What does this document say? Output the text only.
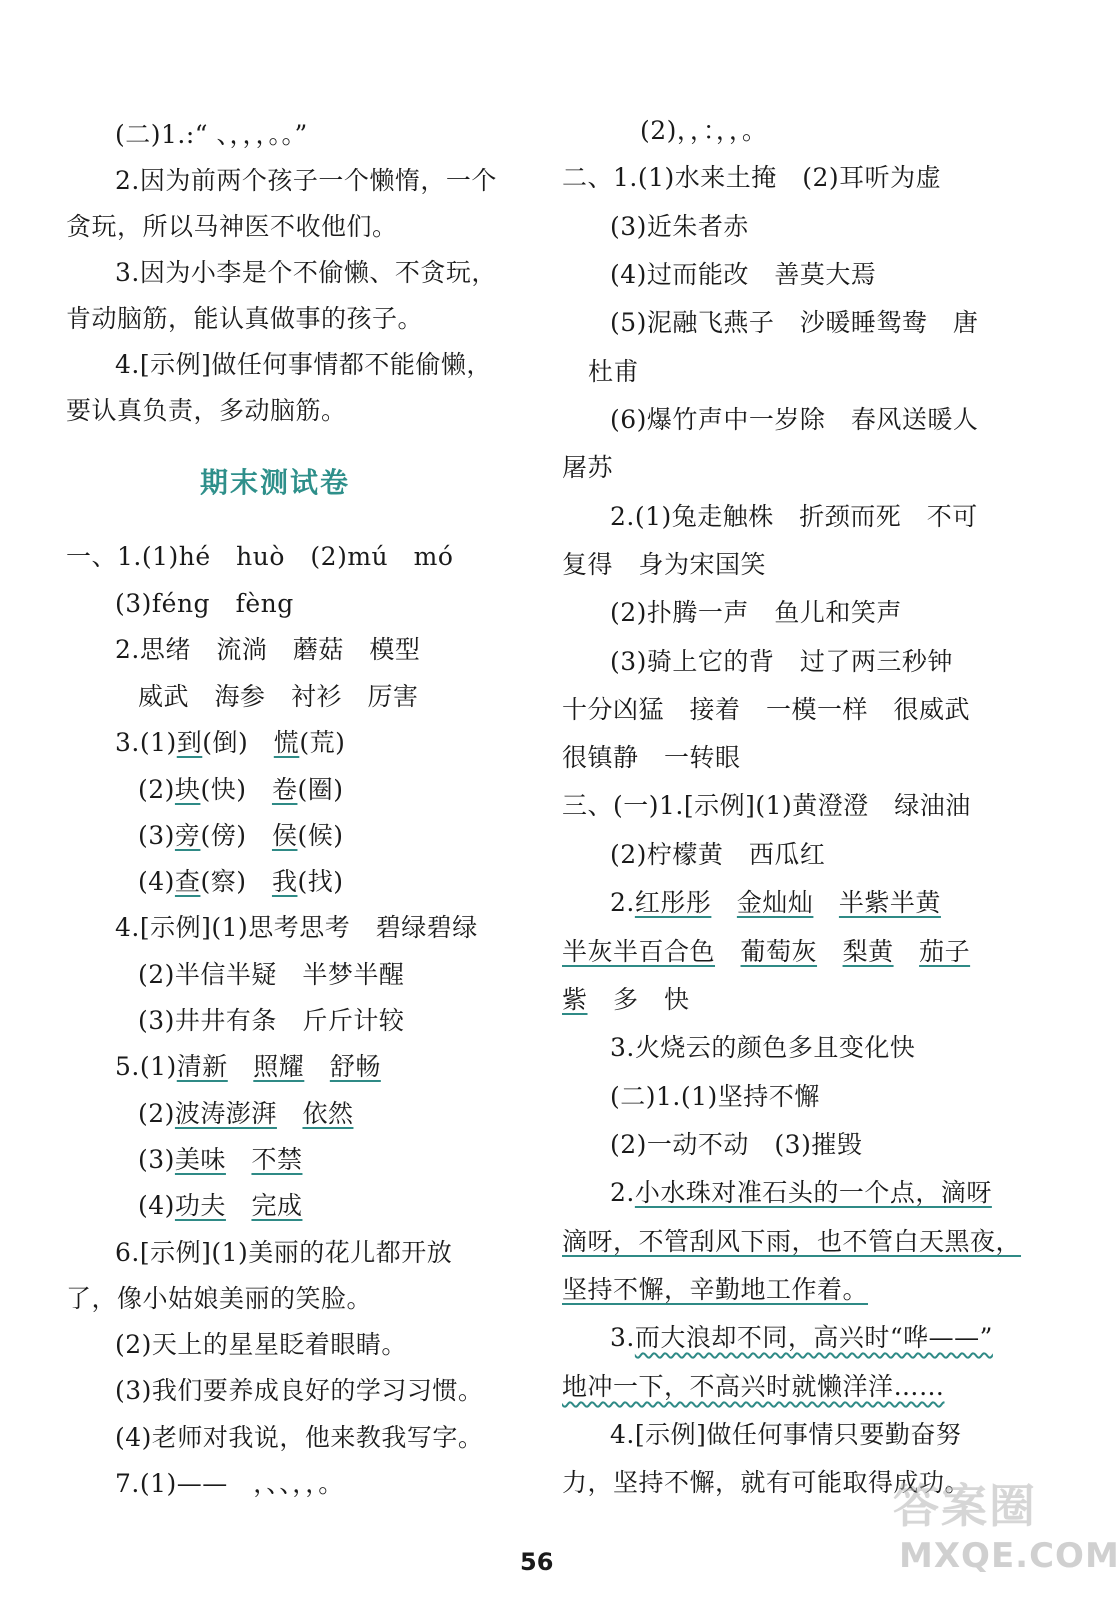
(二)1.:“ 、，，，。。”
2.因为前两个孩子一个懒惰，一个
贪玩，所以马神医不收他们。
3.因为小李是个不偷懒、不贪玩，
肯动脑筋，能认真做事的孩子。
4.[示例]做任何事情都不能偷懒，
要认真负责，多动脑筋。
一、1.(1)hé　huò　(2)mú　mó
(3)féng　fèng
2.思绪　流淌　蘑菇　模型
威武　海参　衬衫　厉害
3.(1)到(倒)　慌(荒)
(2)块(快)　卷(圈)
(3)旁(傍)　侯(候)
(4)查(察)　我(找)
4.[示例](1)思考思考　碧绿碧绿
(2)半信半疑　半梦半醒
(3)井井有条　斤斤计较
5.(1)清新　 照耀　 舒畅
(2)波涛澎湃　 依然
(3)美味　 不禁
(4)功夫　 完成
6.[示例](1)美丽的花儿都开放
了，像小姑娘美丽的笑脸。
(2)天上的星星眨着眼睛。
(3)我们要养成良好的学习习惯。
(4)老师对我说，他来教我写字。
7.(1)——　，、、，，。
期末测试卷
(2)，，：，，。
二、1.(1)水来土掩　(2)耳听为虚
(3)近朱者赤
(4)过而能改　善莫大焉
(5)泥融飞燕子　沙暖睡鸳鸯　唐
杜甫
(6)爆竹声中一岁除　春风送暖人
屠苏
2.(1)兔走触株　折颈而死　不可
复得　身为宋国笑
(2)扑腾一声　鱼儿和笑声
(3)骑上它的背　过了两三秒钟
十分凶猛　接着　一模一样　很威武
很镇静　一转眼
三、(一)1.[示例](1)黄澄澄　绿油油
(2)柠檬黄　西瓜红
2.红彤彤　 金灿灿　 半紫半黄
半灰半百合色　 葡萄灰　 梨黄　 茄子
紫　多　快
3.火烧云的颜色多且变化快
(二)1.(1)坚持不懈
(2)一动不动　(3)摧毁
2.小水珠对准石头的一个点，滴呀
滴呀，不管刮风下雨，也不管白天黑夜，
坚持不懈，辛勤地工作着。
3.而大浪却不同，高兴时“哗——”
地冲一下，不高兴时就懒洋洋……
4.[示例]做任何事情只要勤奋努
力，坚持不懈，就有可能取得成功。
56
答案圈
MXQE.COM
